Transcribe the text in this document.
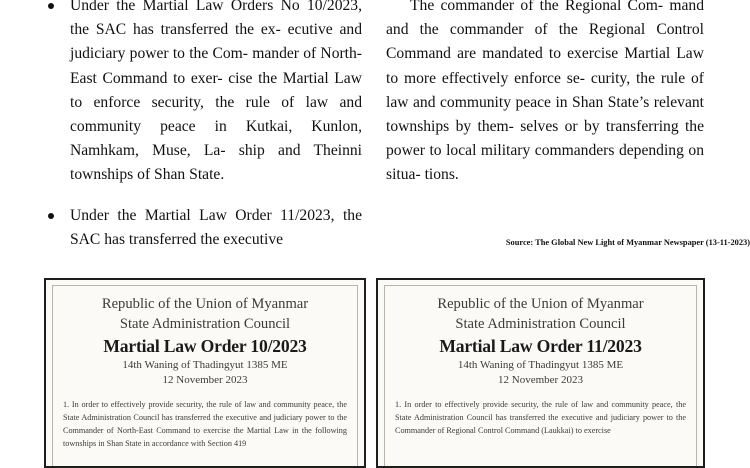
Under the Martial Law Orders No 10/2023, the SAC has transferred the ex- ecutive and judiciary power to the Com- mander of North-East Command to exer- cise the Martial Law to enforce security, the rule of law and community peace in Kutkai, Kunlon, Namhkam, Muse, La- ship and Theinni townships of Shan State.

Under the Martial Law Order 11/2023, the SAC has transferred the executive

The commander of the Regional Com- mand and the commander of the Regional Control Command are mandated to exercise Martial Law to more effectively enforce se- curity, the rule of law and community peace in Shan State’s relevant townships by them- selves or by transferring the power to local military commanders depending on situa- tions.

Source: The Global New Light of Myanmar Newspaper (13-11-2023)
Republic of the Union of Myanmar
State Administration Council
Martial Law Order 10/2023
14th Waning of Thadingyut 1385 ME
12 November 2023

1. In order to effectively provide security, the rule of law and community peace, the State Administration Council has transferred the executive and judiciary power to the Commander of North-East Command to exercise the Martial Law in the following townships in Shan State in accordance with Section 419

Republic of the Union of Myanmar
State Administration Council
Martial Law Order 11/2023
14th Waning of Thadingyut 1385 ME
12 November 2023

1. In order to effectively provide security, the rule of law and community peace, the State Administration Council has transferred the executive and judiciary power to the Commander of Regional Control Command (Laukkai) to exercise
